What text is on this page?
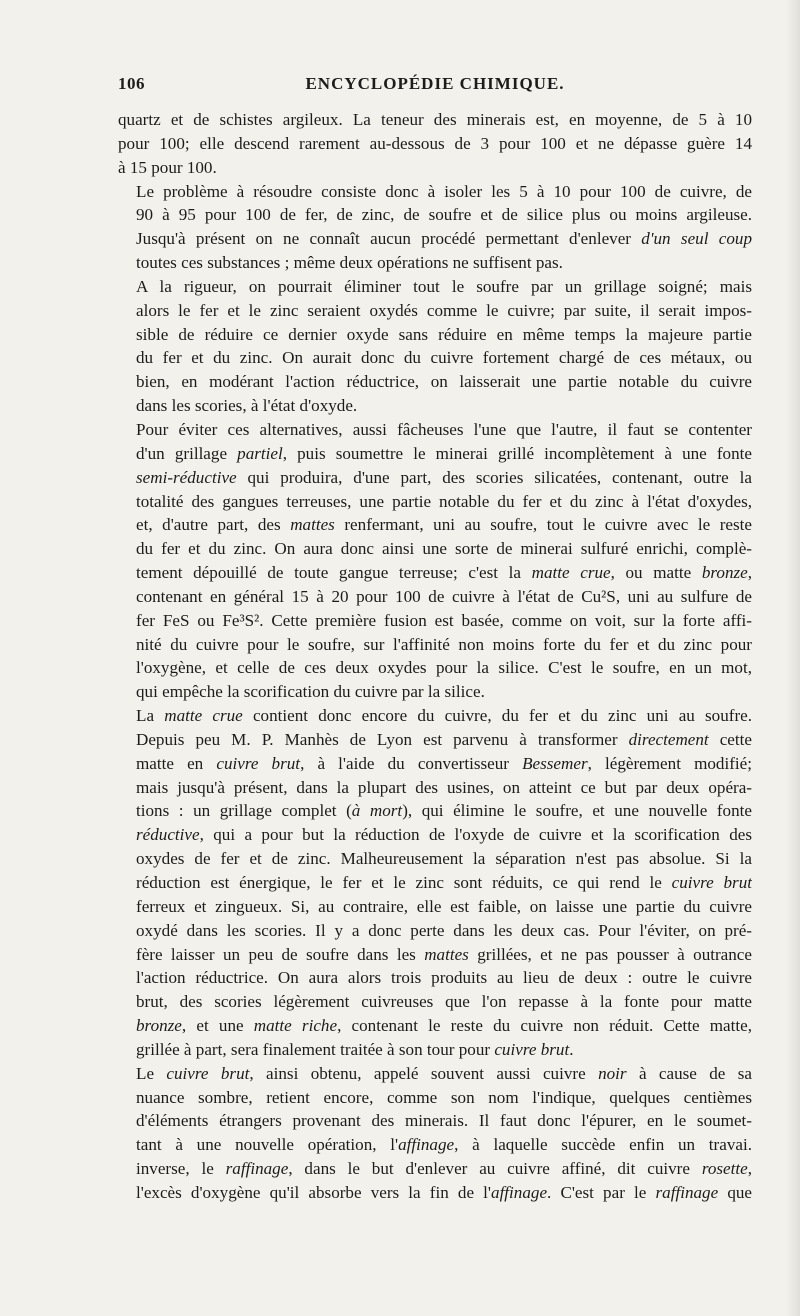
106	ENCYCLOPÉDIE CHIMIQUE.

quartz et de schistes argileux. La teneur des minerais est, en moyenne, de 5 à 10
pour 100; elle descend rarement au-dessous de 3 pour 100 et ne dépasse guère 14
à 15 pour 100.

Le problème à résoudre consiste donc à isoler les 5 à 10 pour 100 de cuivre, de
90 à 95 pour 100 de fer, de zinc, de soufre et de silice plus ou moins argileuse.
Jusqu'à présent on ne connaît aucun procédé permettant d'enlever d'un seul coup
toutes ces substances ; même deux opérations ne suffisent pas.

A la rigueur, on pourrait éliminer tout le soufre par un grillage soigné; mais
alors le fer et le zinc seraient oxydés comme le cuivre; par suite, il serait impos-
sible de réduire ce dernier oxyde sans réduire en même temps la majeure partie
du fer et du zinc. On aurait donc du cuivre fortement chargé de ces métaux, ou
bien, en modérant l'action réductrice, on laisserait une partie notable du cuivre
dans les scories, à l'état d'oxyde.

Pour éviter ces alternatives, aussi fâcheuses l'une que l'autre, il faut se contenter
d'un grillage partiel, puis soumettre le minerai grillé incomplètement à une fonte
semi-réductive qui produira, d'une part, des scories silicatées, contenant, outre la
totalité des gangues terreuses, une partie notable du fer et du zinc à l'état d'oxydes,
et, d'autre part, des mattes renfermant, uni au soufre, tout le cuivre avec le reste
du fer et du zinc. On aura donc ainsi une sorte de minerai sulfuré enrichi, complè-
tement dépouillé de toute gangue terreuse; c'est la matte crue, ou matte bronze,
contenant en général 15 à 20 pour 100 de cuivre à l'état de Cu²S, uni au sulfure de
fer FeS ou Fe³S². Cette première fusion est basée, comme on voit, sur la forte affi-
nité du cuivre pour le soufre, sur l'affinité non moins forte du fer et du zinc pour
l'oxygène, et celle de ces deux oxydes pour la silice. C'est le soufre, en un mot,
qui empêche la scorification du cuivre par la silice.

La matte crue contient donc encore du cuivre, du fer et du zinc uni au soufre.
Depuis peu M. P. Manhès de Lyon est parvenu à transformer directement cette
matte en cuivre brut, à l'aide du convertisseur Bessemer, légèrement modifié;
mais jusqu'à présent, dans la plupart des usines, on atteint ce but par deux opéra-
tions : un grillage complet (à mort), qui élimine le soufre, et une nouvelle fonte
réductive, qui a pour but la réduction de l'oxyde de cuivre et la scorification des
oxydes de fer et de zinc. Malheureusement la séparation n'est pas absolue. Si la
réduction est énergique, le fer et le zinc sont réduits, ce qui rend le cuivre brut
ferreux et zingueux. Si, au contraire, elle est faible, on laisse une partie du cuivre
oxydé dans les scories. Il y a donc perte dans les deux cas. Pour l'éviter, on pré-
fère laisser un peu de soufre dans les mattes grillées, et ne pas pousser à outrance
l'action réductrice. On aura alors trois produits au lieu de deux : outre le cuivre
brut, des scories légèrement cuivreuses que l'on repasse à la fonte pour matte
bronze, et une matte riche, contenant le reste du cuivre non réduit. Cette matte,
grillée à part, sera finalement traitée à son tour pour cuivre brut.

Le cuivre brut, ainsi obtenu, appelé souvent aussi cuivre noir à cause de sa
nuance sombre, retient encore, comme son nom l'indique, quelques centièmes
d'éléments étrangers provenant des minerais. Il faut donc l'épurer, en le soumet-
tant à une nouvelle opération, l'affinage, à laquelle succède enfin un travai.
inverse, le raffinage, dans le but d'enlever au cuivre affiné, dit cuivre rosette,
l'excès d'oxygène qu'il absorbe vers la fin de l'affinage. C'est par le raffinage que
